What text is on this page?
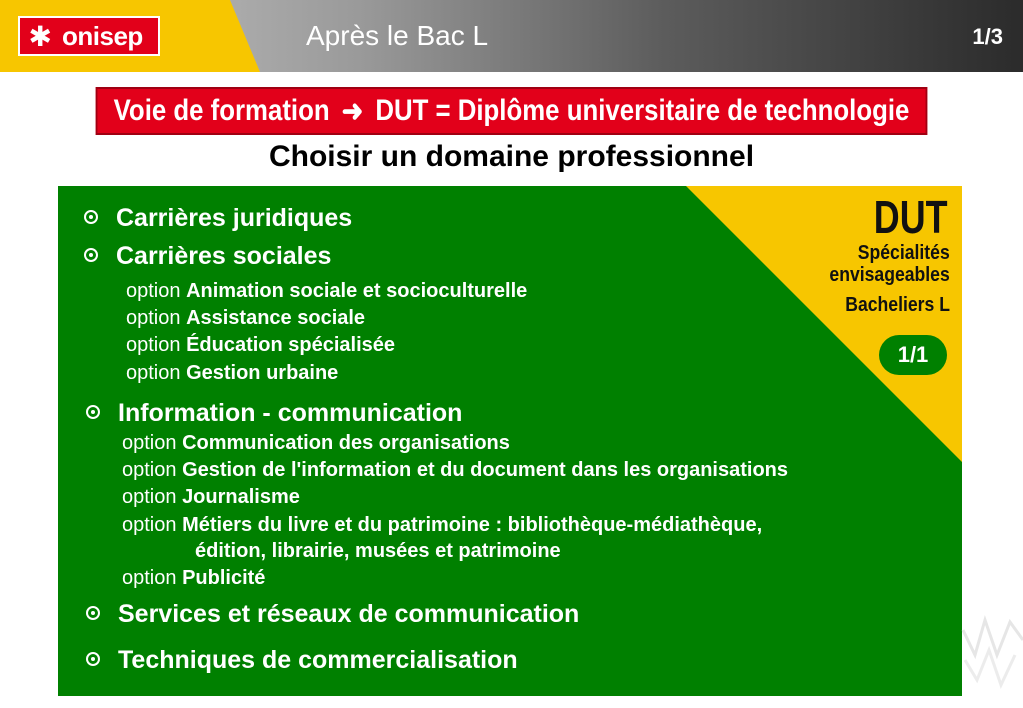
✱ onisep	Après le Bac L	1/3
Voie de formation ➜ DUT = Diplôme universitaire de technologie
Choisir un domaine professionnel
DUT
Spécialités
envisageables
Bacheliers L
1/1
Carrières juridiques
Carrières sociales
option Animation sociale et socioculturelle
option Assistance sociale
option Éducation spécialisée
option Gestion urbaine
Information - communication
option Communication des organisations
option Gestion de l'information et du document dans les organisations
option Journalisme
option Métiers du livre et du patrimoine : bibliothèque-médiathèque,
édition, librairie, musées et patrimoine
option Publicité
Services et réseaux de communication
Techniques de commercialisation
